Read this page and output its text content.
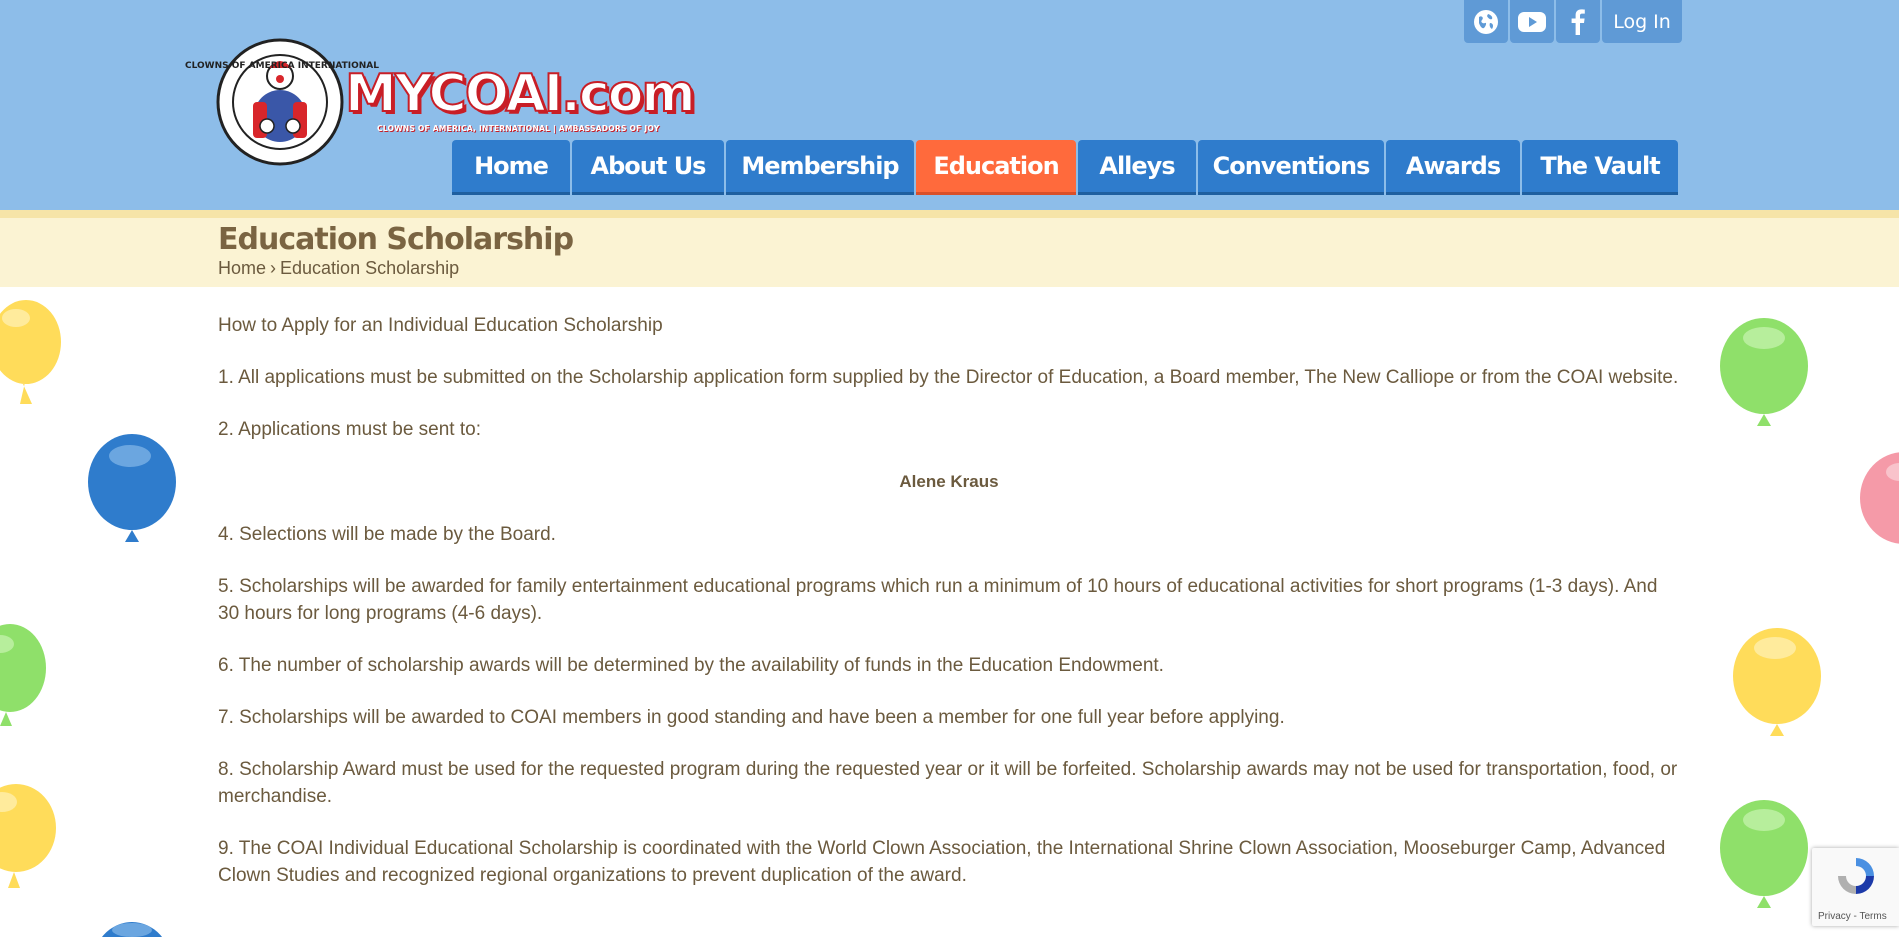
Log In
CLOWNS OF AMERICA INTERNATIONAL
MYCOAI.com
CLOWNS OF AMERICA, INTERNATIONAL | AMBASSADORS OF JOY
Home About Us Membership Education Alleys Conventions Awards The Vault
Education Scholarship
Home › Education Scholarship

How to Apply for an Individual Education Scholarship

1. All applications must be submitted on the Scholarship application form supplied by the Director of Education, a Board member, The New Calliope or from the COAI website.

2. Applications must be sent to:

Alene Kraus

4. Selections will be made by the Board.

5. Scholarships will be awarded for family entertainment educational programs which run a minimum of 10 hours of educational activities for short programs (1-3 days). And 30 hours for long programs (4-6 days).

6. The number of scholarship awards will be determined by the availability of funds in the Education Endowment.

7. Scholarships will be awarded to COAI members in good standing and have been a member for one full year before applying.

8. Scholarship Award must be used for the requested program during the requested year or it will be forfeited. Scholarship awards may not be used for transportation, food, or merchandise.

9. The COAI Individual Educational Scholarship is coordinated with the World Clown Association, the International Shrine Clown Association, Mooseburger Camp, Advanced Clown Studies and recognized regional organizations to prevent duplication of the award.

Privacy - Terms
